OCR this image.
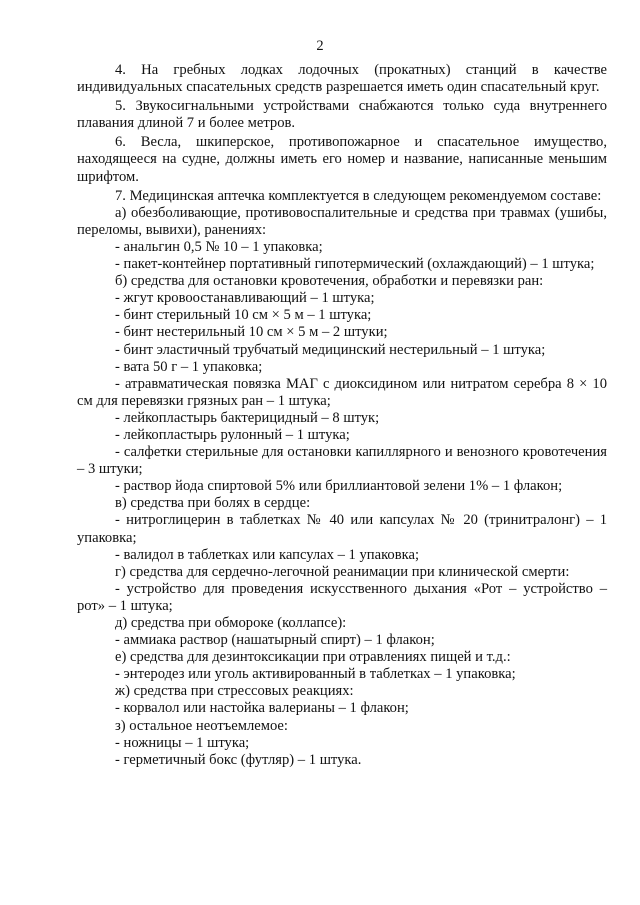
2

4. На гребных лодках лодочных (прокатных) станций в качестве индивидуальных спасательных средств разрешается иметь один спасательный круг.

5. Звукосигнальными устройствами снабжаются только суда внутреннего плавания длиной 7 и более метров.

6. Весла, шкиперское, противопожарное и спасательное имущество, находящееся на судне, должны иметь его номер и название, написанные меньшим шрифтом.

7. Медицинская аптечка комплектуется в следующем рекомендуемом составе:

а) обезболивающие, противовоспалительные и средства при травмах (ушибы, переломы, вывихи), ранениях:

- анальгин 0,5 № 10 – 1 упаковка;

- пакет-контейнер портативный гипотермический (охлаждающий) – 1 штука;

б) средства для остановки кровотечения, обработки и перевязки ран:

- жгут кровоостанавливающий – 1 штука;

- бинт стерильный 10 см × 5 м – 1 штука;

- бинт нестерильный 10 см × 5 м – 2 штуки;

- бинт эластичный трубчатый медицинский нестерильный – 1 штука;

- вата 50 г – 1 упаковка;

- атравматическая повязка МАГ с диоксидином или нитратом серебра 8 × 10 см для перевязки грязных ран – 1 штука;

- лейкопластырь бактерицидный – 8 штук;

- лейкопластырь рулонный – 1 штука;

- салфетки стерильные для остановки капиллярного и венозного кровотечения – 3 штуки;

- раствор йода спиртовой 5% или бриллиантовой зелени 1% – 1 флакон;

в) средства при болях в сердце:

- нитроглицерин в таблетках № 40 или капсулах № 20 (тринитралонг) – 1 упаковка;

- валидол в таблетках или капсулах – 1 упаковка;

г) средства для сердечно-легочной реанимации при клинической смерти:

- устройство для проведения искусственного дыхания «Рот – устройство – рот» – 1 штука;

д) средства при обмороке (коллапсе):

- аммиака раствор (нашатырный спирт) – 1 флакон;

е) средства для дезинтоксикации при отравлениях пищей и т.д.:

- энтеродез или уголь активированный в таблетках – 1 упаковка;

ж) средства при стрессовых реакциях:

- корвалол или настойка валерианы – 1 флакон;

з) остальное неотъемлемое:

- ножницы – 1 штука;

- герметичный бокс (футляр) – 1 штука.
